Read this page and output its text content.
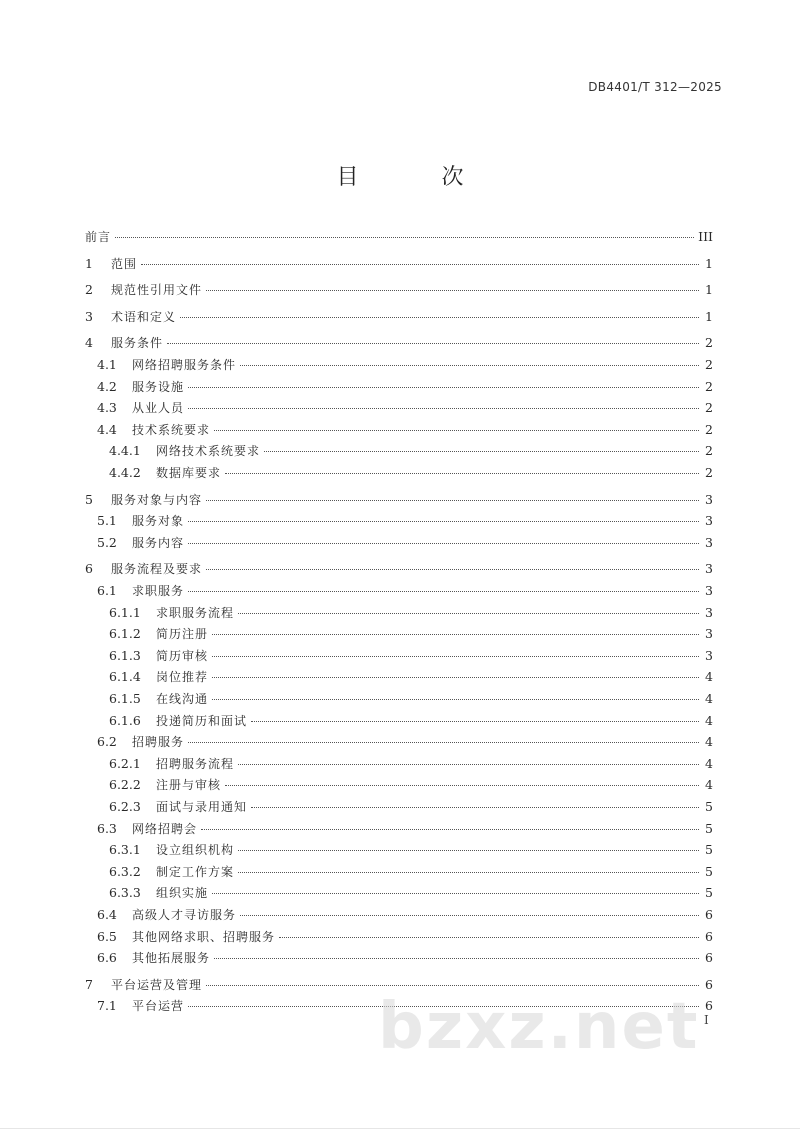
DB4401/T 312—2025
目 次
前言	III
1	范围	1
2	规范性引用文件	1
3	术语和定义	1
4	服务条件	2
4.1	网络招聘服务条件	2
4.2	服务设施	2
4.3	从业人员	2
4.4	技术系统要求	2
4.4.1	网络技术系统要求	2
4.4.2	数据库要求	2
5	服务对象与内容	3
5.1	服务对象	3
5.2	服务内容	3
6	服务流程及要求	3
6.1	求职服务	3
6.1.1	求职服务流程	3
6.1.2	简历注册	3
6.1.3	简历审核	3
6.1.4	岗位推荐	4
6.1.5	在线沟通	4
6.1.6	投递简历和面试	4
6.2	招聘服务	4
6.2.1	招聘服务流程	4
6.2.2	注册与审核	4
6.2.3	面试与录用通知	5
6.3	网络招聘会	5
6.3.1	设立组织机构	5
6.3.2	制定工作方案	5
6.3.3	组织实施	5
6.4	高级人才寻访服务	6
6.5	其他网络求职、招聘服务	6
6.6	其他拓展服务	6
7	平台运营及管理	6
7.1	平台运营	6
I
bzxz.net
